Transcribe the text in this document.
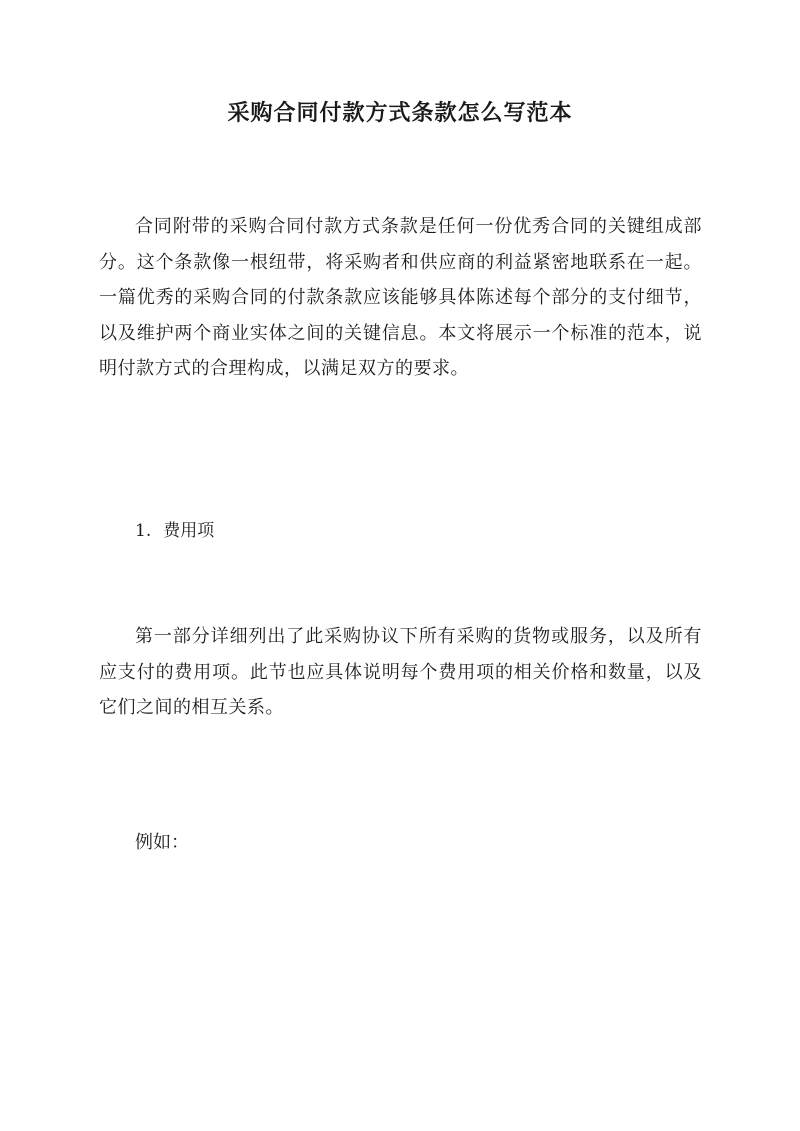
采购合同付款方式条款怎么写范本

合同附带的采购合同付款方式条款是任何一份优秀合同的关键组成部分。这个条款像一根纽带，将采购者和供应商的利益紧密地联系在一起。一篇优秀的采购合同的付款条款应该能够具体陈述每个部分的支付细节，以及维护两个商业实体之间的关键信息。本文将展示一个标准的范本，说明付款方式的合理构成，以满足双方的要求。

1. 费用项

第一部分详细列出了此采购协议下所有采购的货物或服务，以及所有应支付的费用项。此节也应具体说明每个费用项的相关价格和数量，以及它们之间的相互关系。

例如：
